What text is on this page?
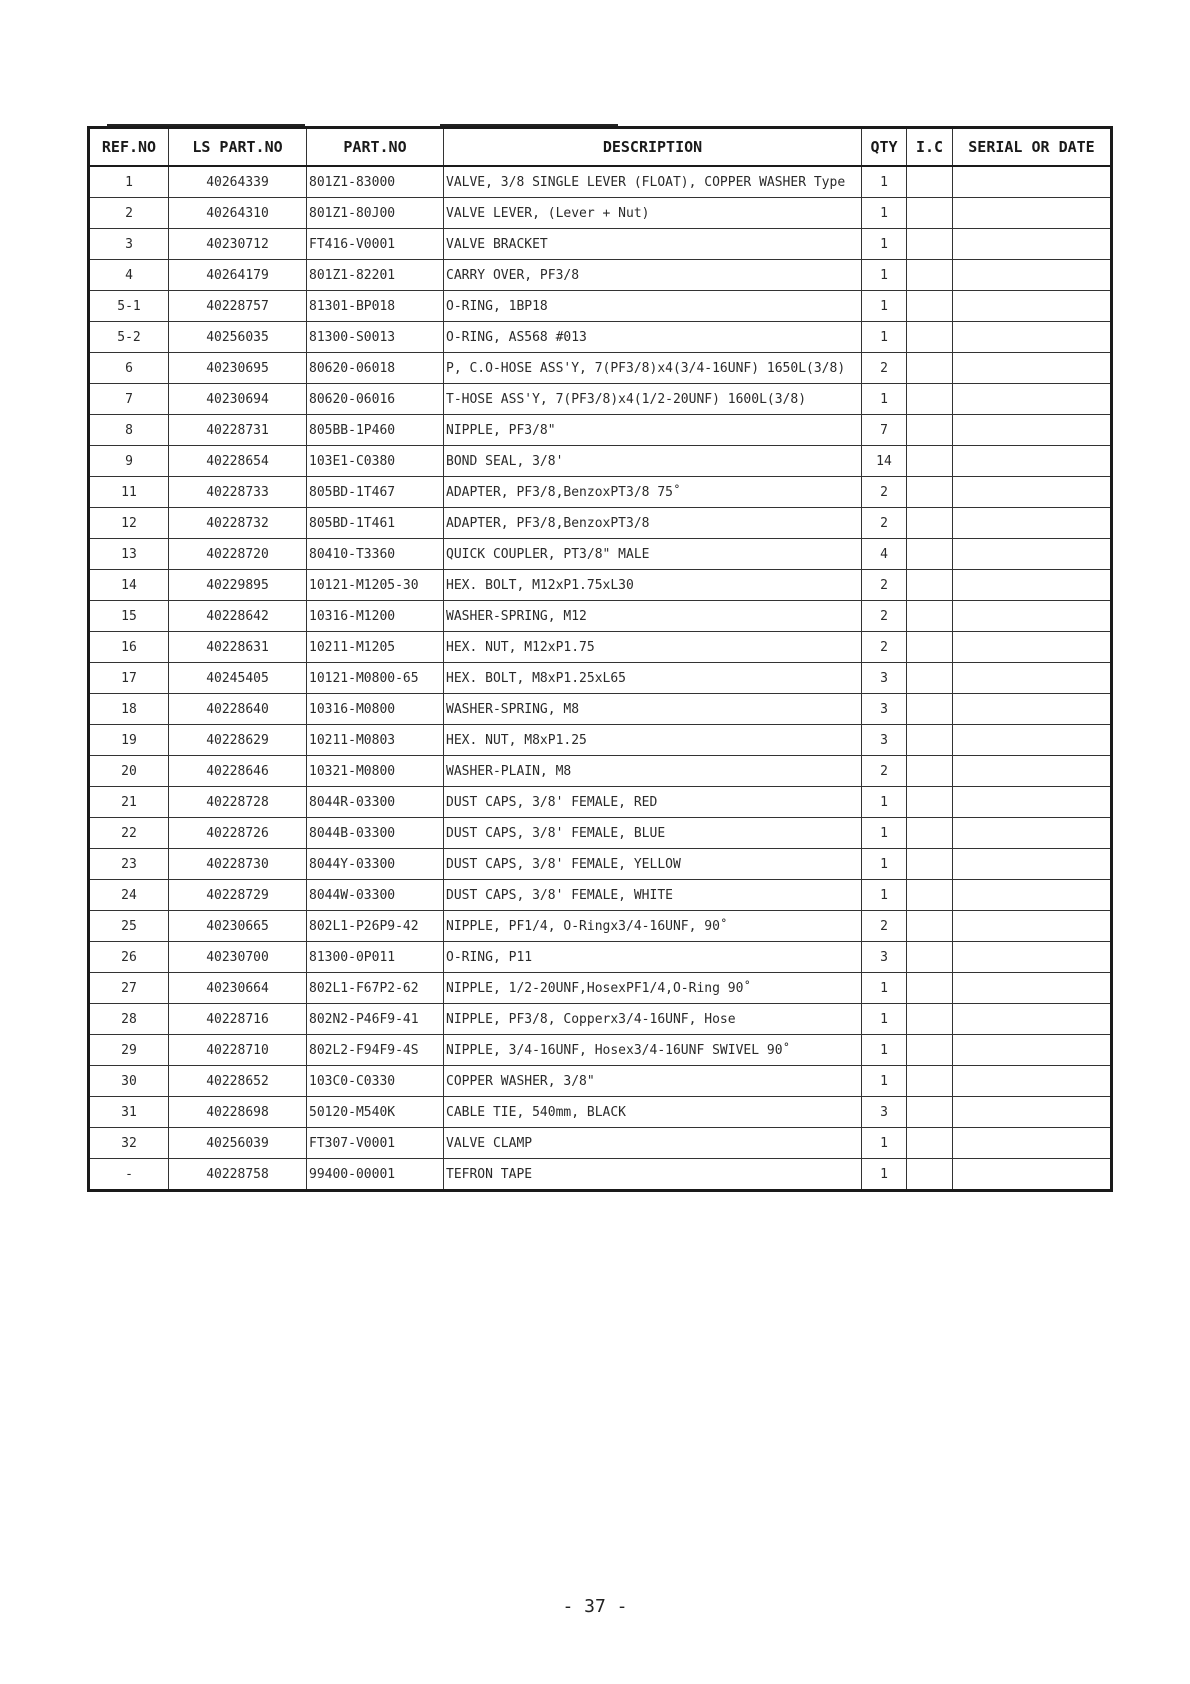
REF.NO	LS PART.NO	PART.NO	DESCRIPTION	QTY	I.C	SERIAL OR DATE
1	40264339	801Z1-83000	VALVE, 3/8 SINGLE LEVER (FLOAT), COPPER WASHER Type	1		
2	40264310	801Z1-80J00	VALVE LEVER, (Lever + Nut)	1		
3	40230712	FT416-V0001	VALVE BRACKET	1		
4	40264179	801Z1-82201	CARRY OVER, PF3/8	1		
5-1	40228757	81301-BP018	O-RING, 1BP18	1		
5-2	40256035	81300-S0013	O-RING, AS568 #013	1		
6	40230695	80620-06018	P, C.O-HOSE ASS'Y, 7(PF3/8)x4(3/4-16UNF) 1650L(3/8)	2		
7	40230694	80620-06016	T-HOSE ASS'Y, 7(PF3/8)x4(1/2-20UNF) 1600L(3/8)	1		
8	40228731	805BB-1P460	NIPPLE, PF3/8"	7		
9	40228654	103E1-C0380	BOND SEAL, 3/8'	14		
11	40228733	805BD-1T467	ADAPTER, PF3/8,BenzoxPT3/8 75˚	2		
12	40228732	805BD-1T461	ADAPTER, PF3/8,BenzoxPT3/8	2		
13	40228720	80410-T3360	QUICK COUPLER, PT3/8" MALE	4		
14	40229895	10121-M1205-30	HEX. BOLT, M12xP1.75xL30	2		
15	40228642	10316-M1200	WASHER-SPRING, M12	2		
16	40228631	10211-M1205	HEX. NUT, M12xP1.75	2		
17	40245405	10121-M0800-65	HEX. BOLT, M8xP1.25xL65	3		
18	40228640	10316-M0800	WASHER-SPRING, M8	3		
19	40228629	10211-M0803	HEX. NUT, M8xP1.25	3		
20	40228646	10321-M0800	WASHER-PLAIN, M8	2		
21	40228728	8044R-03300	DUST CAPS, 3/8' FEMALE, RED	1		
22	40228726	8044B-03300	DUST CAPS, 3/8' FEMALE, BLUE	1		
23	40228730	8044Y-03300	DUST CAPS, 3/8' FEMALE, YELLOW	1		
24	40228729	8044W-03300	DUST CAPS, 3/8' FEMALE, WHITE	1		
25	40230665	802L1-P26P9-42	NIPPLE, PF1/4, O-Ringx3/4-16UNF, 90˚	2		
26	40230700	81300-0P011	O-RING, P11	3		
27	40230664	802L1-F67P2-62	NIPPLE, 1/2-20UNF,HosexPF1/4,O-Ring 90˚	1		
28	40228716	802N2-P46F9-41	NIPPLE, PF3/8, Copperx3/4-16UNF, Hose	1		
29	40228710	802L2-F94F9-4S	NIPPLE, 3/4-16UNF, Hosex3/4-16UNF SWIVEL 90˚	1		
30	40228652	103C0-C0330	COPPER WASHER, 3/8"	1		
31	40228698	50120-M540K	CABLE TIE, 540mm, BLACK	3		
32	40256039	FT307-V0001	VALVE CLAMP	1		
-	40228758	99400-00001	TEFRON TAPE	1		
- 37 -
